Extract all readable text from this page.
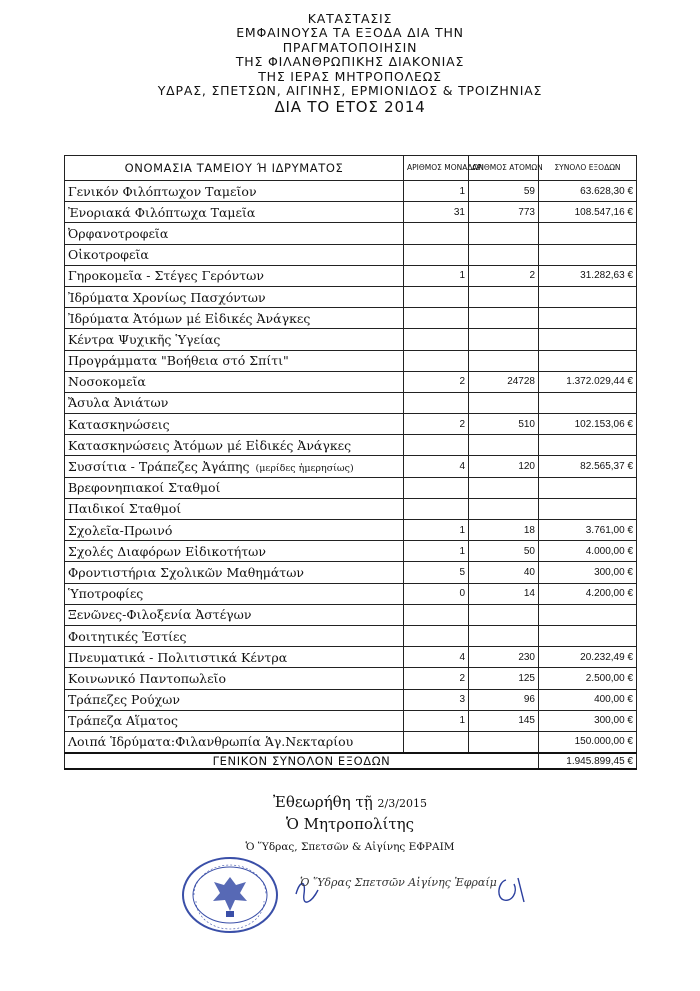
ΚΑΤΑΣΤΑΣΙΣ
ΕΜΦΑΙΝΟΥΣΑ ΤΑ ΕΞΟΔΑ ΔΙΑ ΤΗΝ
ΠΡΑΓΜΑΤΟΠΟΙΗΣΙΝ
ΤΗΣ ΦΙΛΑΝΘΡΩΠΙΚΗΣ ΔΙΑΚΟΝΙΑΣ
ΤΗΣ ΙΕΡΑΣ ΜΗΤΡΟΠΟΛΕΩΣ
ΥΔΡΑΣ, ΣΠΕΤΣΩΝ, ΑΙΓΙΝΗΣ, ΕΡΜΙΟΝΙΔΟΣ & ΤΡΟΙΖΗΝΙΑΣ
ΔΙΑ ΤΟ ΕΤΟΣ 2014
ΟΝΟΜΑΣΙΑ ΤΑΜΕΙΟΥ Ή ΙΔΡΥΜΑΤΟΣ	ΑΡΙΘΜΟΣ ΜΟΝΑΔΩΝ	ΑΡΙΘΜΟΣ ΑΤΟΜΩΝ	ΣΥΝΟΛΟ ΕΞΟΔΩΝ
Γενικόν Φιλόπτωχον Ταμεῖον	1	59	63.628,30 €
Ἐνοριακά Φιλόπτωχα Ταμεῖα	31	773	108.547,16 €
Ὀρφανοτροφεῖα			
Οἰκοτροφεῖα			
Γηροκομεῖα - Στέγες Γερόντων	1	2	31.282,63 €
Ἰδρύματα Χρονίως Πασχόντων			
Ἰδρύματα Ἀτόμων μέ Εἰδικές Ἀνάγκες			
Κέντρα Ψυχικῆς Ὑγείας			
Προγράμματα "Βοήθεια στό Σπίτι"			
Νοσοκομεῖα	2	24728	1.372.029,44 €
Ἄσυλα Ἀνιάτων			
Κατασκηνώσεις	2	510	102.153,06 €
Κατασκηνώσεις Ἀτόμων μέ Εἰδικές Ἀνάγκες			
Συσσίτια - Τράπεζες Ἀγάπης (μερίδες ἡμερησίως)	4	120	82.565,37 €
Βρεφονηπιακοί Σταθμοί			
Παιδικοί Σταθμοί			
Σχολεῖα-Πρωινό	1	18	3.761,00 €
Σχολές Διαφόρων Εἰδικοτήτων	1	50	4.000,00 €
Φροντιστήρια Σχολικῶν Μαθημάτων	5	40	300,00 €
Ὑποτροφίες	0	14	4.200,00 €
Ξενῶνες-Φιλοξενία Ἀστέγων			
Φοιτητικές Ἑστίες			
Πνευματικά - Πολιτιστικά Κέντρα	4	230	20.232,49 €
Κοινωνικό Παντοπωλεῖο	2	125	2.500,00 €
Τράπεζες Ρούχων	3	96	400,00 €
Τράπεζα Αἵματος	1	145	300,00 €
Λοιπά Ἱδρύματα:Φιλανθρωπία Ἁγ.Νεκταρίου			150.000,00 €
ΓΕΝΙΚΟΝ ΣΥΝΟΛΟΝ ΕΞΟΔΩΝ			1.945.899,45 €
Ἐθεωρήθη τῇ 2/3/2015
Ὁ Μητροπολίτης
Ὁ Ὕδρας, Σπετσῶν & Αἰγίνης ΕΦΡΑΙΜ
Ὁ Ὕδρας Σπετσῶν Αἰγίνης Ἐφραίμ
